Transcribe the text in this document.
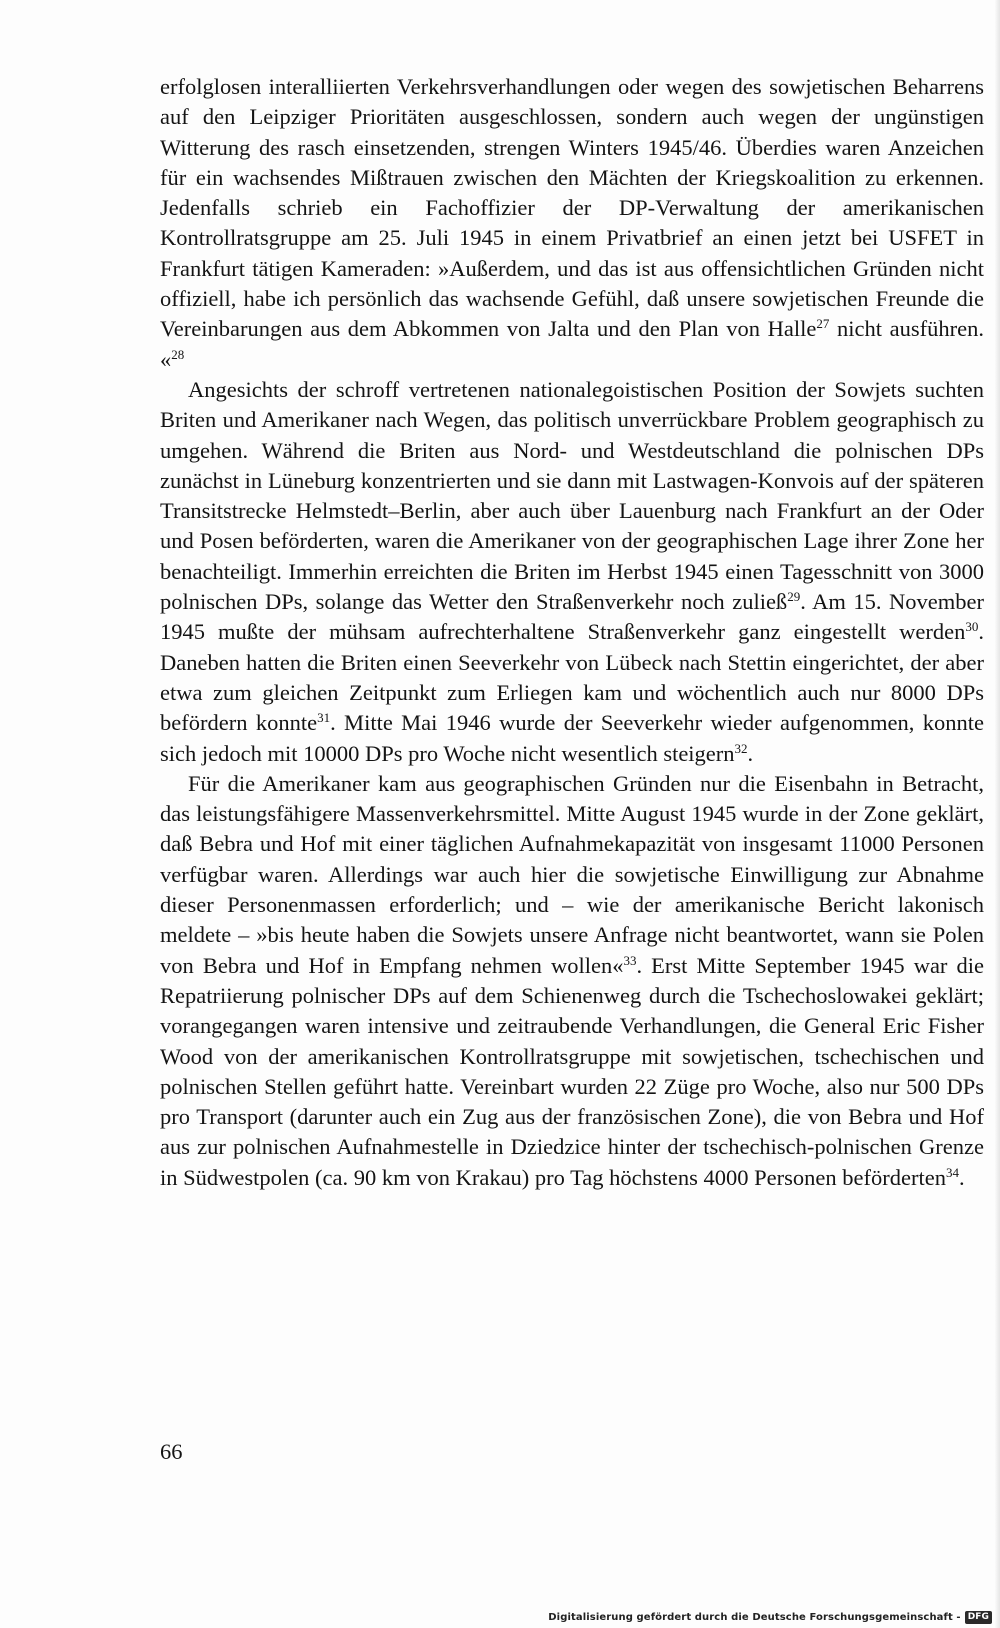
erfolglosen interalliierten Verkehrsverhandlungen oder wegen des sowjetischen Beharrens auf den Leipziger Prioritäten ausgeschlossen, sondern auch wegen der ungünstigen Witterung des rasch einsetzenden, strengen Winters 1945/46. Überdies waren Anzeichen für ein wachsendes Mißtrauen zwischen den Mächten der Kriegskoalition zu erkennen. Jedenfalls schrieb ein Fachoffizier der DP-Verwaltung der amerikanischen Kontrollratsgruppe am 25. Juli 1945 in einem Privatbrief an einen jetzt bei USFET in Frankfurt tätigen Kameraden: »Außerdem, und das ist aus offensichtlichen Gründen nicht offiziell, habe ich persönlich das wachsende Gefühl, daß unsere sowjetischen Freunde die Vereinbarungen aus dem Abkommen von Jalta und den Plan von Halle$^{27}$ nicht ausführen. «$^{28}$

Angesichts der schroff vertretenen nationalegoistischen Position der Sowjets suchten Briten und Amerikaner nach Wegen, das politisch unverrückbare Problem geographisch zu umgehen. Während die Briten aus Nord- und Westdeutschland die polnischen DPs zunächst in Lüneburg konzentrierten und sie dann mit Lastwagen-Konvois auf der späteren Transitstrecke Helmstedt–Berlin, aber auch über Lauenburg nach Frankfurt an der Oder und Posen beförderten, waren die Amerikaner von der geographischen Lage ihrer Zone her benachteiligt. Immerhin erreichten die Briten im Herbst 1945 einen Tagesschnitt von 3000 polnischen DPs, solange das Wetter den Straßenverkehr noch zuließ$^{29}$. Am 15. November 1945 mußte der mühsam aufrechterhaltene Straßenverkehr ganz eingestellt werden$^{30}$. Daneben hatten die Briten einen Seeverkehr von Lübeck nach Stettin eingerichtet, der aber etwa zum gleichen Zeitpunkt zum Erliegen kam und wöchentlich auch nur 8000 DPs befördern konnte$^{31}$. Mitte Mai 1946 wurde der Seeverkehr wieder aufgenommen, konnte sich jedoch mit 10000 DPs pro Woche nicht wesentlich steigern$^{32}$.

Für die Amerikaner kam aus geographischen Gründen nur die Eisenbahn in Betracht, das leistungsfähigere Massenverkehrsmittel. Mitte August 1945 wurde in der Zone geklärt, daß Bebra und Hof mit einer täglichen Aufnahmekapazität von insgesamt 11000 Personen verfügbar waren. Allerdings war auch hier die sowjetische Einwilligung zur Abnahme dieser Personenmassen erforderlich; und – wie der amerikanische Bericht lakonisch meldete – »bis heute haben die Sowjets unsere Anfrage nicht beantwortet, wann sie Polen von Bebra und Hof in Empfang nehmen wollen«$^{33}$. Erst Mitte September 1945 war die Repatriierung polnischer DPs auf dem Schienenweg durch die Tschechoslowakei geklärt; vorangegangen waren intensive und zeitraubende Verhandlungen, die General Eric Fisher Wood von der amerikanischen Kontrollratsgruppe mit sowjetischen, tschechischen und polnischen Stellen geführt hatte. Vereinbart wurden 22 Züge pro Woche, also nur 500 DPs pro Transport (darunter auch ein Zug aus der französischen Zone), die von Bebra und Hof aus zur polnischen Aufnahmestelle in Dziedzice hinter der tschechisch-polnischen Grenze in Südwestpolen (ca. 90 km von Krakau) pro Tag höchstens 4000 Personen beförderten$^{34}$.

66
Digitalisierung gefördert durch die Deutsche Forschungsgemeinschaft - DFG
